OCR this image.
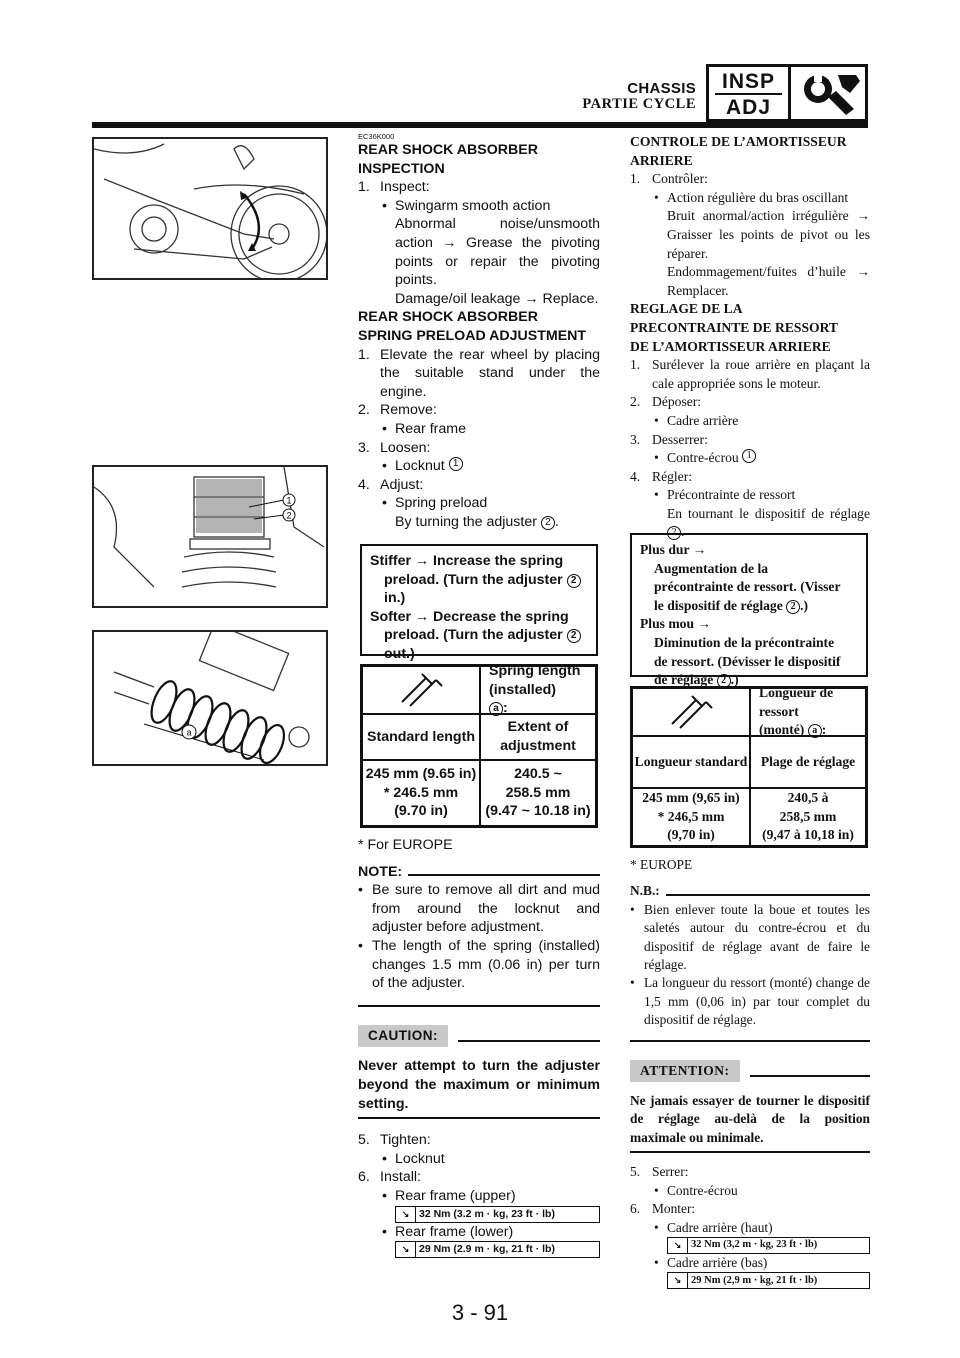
CHASSIS
PARTIE CYCLE
INSP
ADJ
1
2
a
EC36K000
REAR SHOCK ABSORBER
INSPECTION
1. Inspect:
• Swingarm smooth action
Abnormal noise/unsmooth action → Grease the pivoting points or repair the pivoting points.
Damage/oil leakage → Replace.
REAR SHOCK ABSORBER
SPRING PRELOAD ADJUSTMENT
1. Elevate the rear wheel by placing the suitable stand under the engine.
2. Remove:
• Rear frame
3. Loosen:
• Locknut
1
4. Adjust:
• Spring preload
By turning the adjuster 2 .
Stiffer → Increase the spring
preload. (Turn the adjuster 2
in.)
Softer → Decrease the spring
preload. (Turn the adjuster 2
out.)
Spring length (installed)
a :
Standard length
Extent of adjustment
245 mm (9.65 in)
* 246.5 mm
(9.70 in)
240.5 ~
258.5 mm
(9.47 ~ 10.18 in)
* For EUROPE
NOTE:
• Be sure to remove all dirt and mud from around the locknut and adjuster before adjustment.
• The length of the spring (installed) changes 1.5 mm (0.06 in) per turn of the adjuster.
CAUTION:
Never attempt to turn the adjuster beyond the maximum or minimum setting.
5. Tighten:
• Locknut
6. Install:
• Rear frame (upper)
↘ 32 Nm (3.2 m · kg, 23 ft · lb)
• Rear frame (lower)
↘ 29 Nm (2.9 m · kg, 21 ft · lb)
CONTROLE DE L’AMORTISSEUR
ARRIERE
1. Contrôler:
• Action régulière du bras oscillant
Bruit anormal/action irrégulière → Graisser les points de pivot ou les réparer.
Endommagement/fuites d’huile → Remplacer.
REGLAGE DE LA
PRECONTRAINTE DE RESSORT
DE L’AMORTISSEUR ARRIERE
1. Surélever la roue arrière en plaçant la cale appropriée sons le moteur.
2. Déposer:
• Cadre arrière
3. Desserrer:
• Contre-écrou
1
4. Régler:
• Précontrainte de ressort
En tournant le dispositif de réglage 2 .
Plus dur →
Augmentation de la
précontrainte de ressort. (Visser
le dispositif de réglage 2 .)
Plus mou →
Diminution de la précontrainte
de ressort. (Dévisser le dispositif
de réglage 2 .)
Longueur de ressort
(monté) a :
Longueur standard Plage de réglage
245 mm (9,65 in)
* 246,5 mm
(9,70 in)
240,5 à
258,5 mm
(9,47 à 10,18 in)
* EUROPE
N.B.:
• Bien enlever toute la boue et toutes les saletés autour du contre-écrou et du dispositif de réglage avant de faire le réglage.
• La longueur du ressort (monté) change de 1,5 mm (0,06 in) par tour complet du dispositif de réglage.
ATTENTION:
Ne jamais essayer de tourner le dispositif de réglage au-delà de la position maximale ou minimale.
5. Serrer:
• Contre-écrou
6. Monter:
• Cadre arrière (haut)
↘ 32 Nm (3,2 m · kg, 23 ft · lb)
• Cadre arrière (bas)
↘ 29 Nm (2,9 m · kg, 21 ft · lb)
3 - 91
